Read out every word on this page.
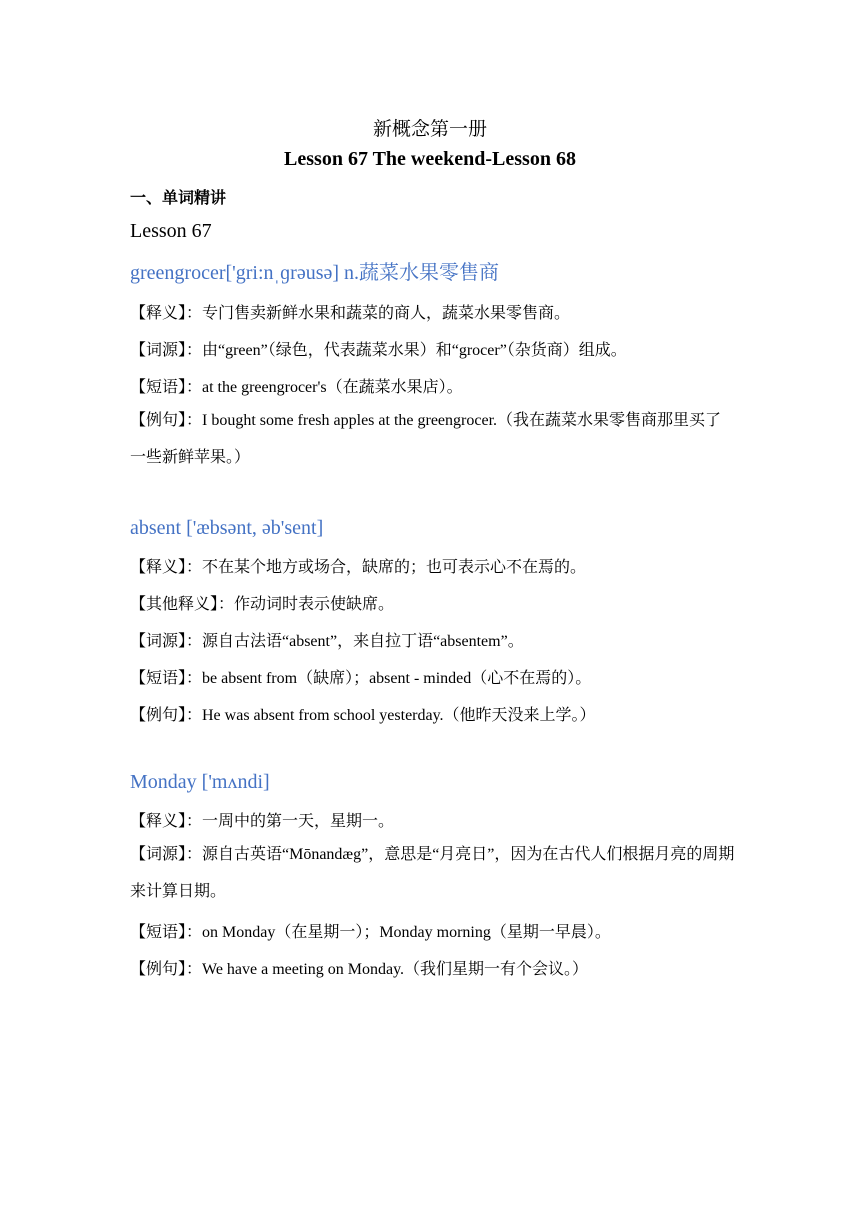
新概念第一册
Lesson 67 The weekend-Lesson 68
一、单词精讲
Lesson 67
greengrocer['gri:nˌɡrəusə] n.蔬菜水果零售商
【释义】：专门售卖新鲜水果和蔬菜的商人，蔬菜水果零售商。
【词源】：由“green”（绿色，代表蔬菜水果）和“grocer”（杂货商）组成。
【短语】：at the greengrocer's（在蔬菜水果店）。
【例句】：I bought some fresh apples at the greengrocer.（我在蔬菜水果零售商那里买了一些新鲜苹果。）
absent ['æbsənt, əb'sent]
【释义】：不在某个地方或场合，缺席的；也可表示心不在焉的。
【其他释义】：作动词时表示使缺席。
【词源】：源自古法语“absent”，来自拉丁语“absentem”。
【短语】：be absent from（缺席）；absent - minded（心不在焉的）。
【例句】：He was absent from school yesterday.（他昨天没来上学。）
Monday ['mʌndi]
【释义】：一周中的第一天，星期一。
【词源】：源自古英语“Mōnandæg”，意思是“月亮日”，因为在古代人们根据月亮的周期来计算日期。
【短语】：on Monday（在星期一）；Monday morning（星期一早晨）。
【例句】：We have a meeting on Monday.（我们星期一有个会议。）
